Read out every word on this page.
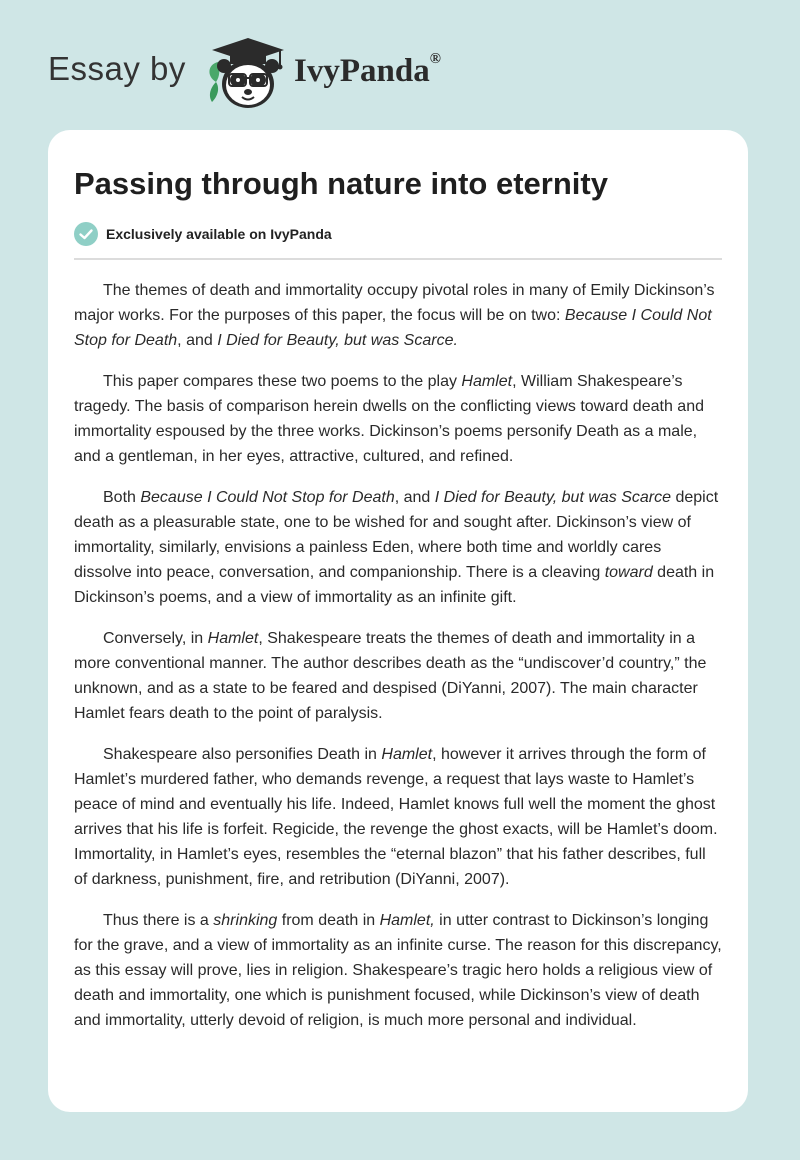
Essay by	IvyPanda®
Passing through nature into eternity
Exclusively available on IvyPanda

The themes of death and immortality occupy pivotal roles in many of Emily Dickinson’s major works. For the purposes of this paper, the focus will be on two: Because I Could Not Stop for Death, and I Died for Beauty, but was Scarce.

This paper compares these two poems to the play Hamlet, William Shakespeare’s tragedy. The basis of comparison herein dwells on the conflicting views toward death and immortality espoused by the three works. Dickinson’s poems personify Death as a male, and a gentleman, in her eyes, attractive, cultured, and refined.

Both Because I Could Not Stop for Death, and I Died for Beauty, but was Scarce depict death as a pleasurable state, one to be wished for and sought after. Dickinson’s view of immortality, similarly, envisions a painless Eden, where both time and worldly cares dissolve into peace, conversation, and companionship. There is a cleaving toward death in Dickinson’s poems, and a view of immortality as an infinite gift.

Conversely, in Hamlet, Shakespeare treats the themes of death and immortality in a more conventional manner. The author describes death as the “undiscover’d country,” the unknown, and as a state to be feared and despised (DiYanni, 2007). The main character Hamlet fears death to the point of paralysis.

Shakespeare also personifies Death in Hamlet, however it arrives through the form of Hamlet’s murdered father, who demands revenge, a request that lays waste to Hamlet’s peace of mind and eventually his life. Indeed, Hamlet knows full well the moment the ghost arrives that his life is forfeit. Regicide, the revenge the ghost exacts, will be Hamlet’s doom. Immortality, in Hamlet’s eyes, resembles the “eternal blazon” that his father describes, full of darkness, punishment, fire, and retribution (DiYanni, 2007).

Thus there is a shrinking from death in Hamlet, in utter contrast to Dickinson’s longing for the grave, and a view of immortality as an infinite curse. The reason for this discrepancy, as this essay will prove, lies in religion. Shakespeare’s tragic hero holds a religious view of death and immortality, one which is punishment focused, while Dickinson’s view of death and immortality, utterly devoid of religion, is much more personal and individual.
